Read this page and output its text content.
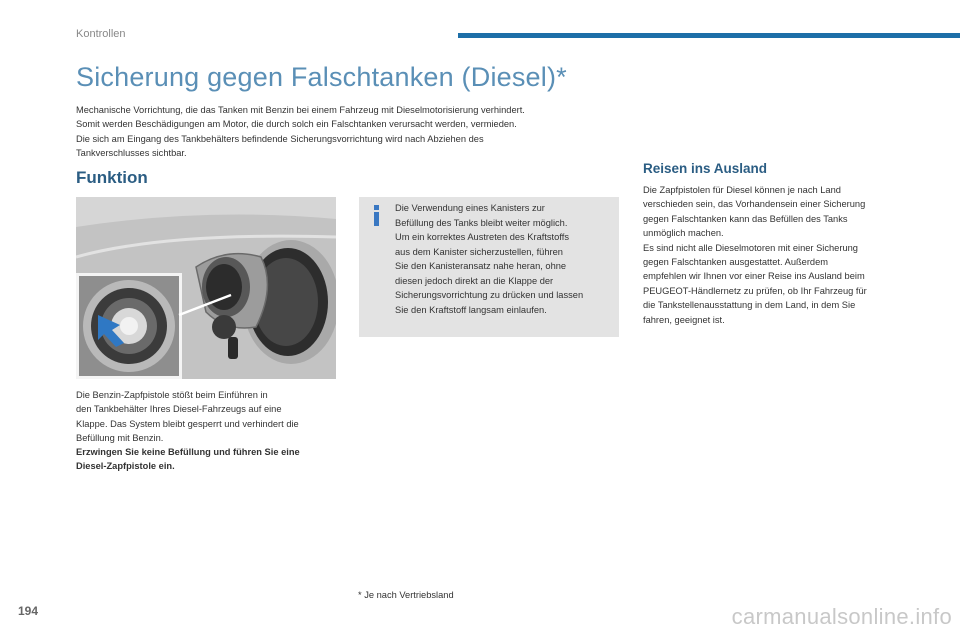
Kontrollen
Sicherung gegen Falschtanken (Diesel)*

Mechanische Vorrichtung, die das Tanken mit Benzin bei einem Fahrzeug mit Dieselmotorisierung verhindert.

Somit werden Beschädigungen am Motor, die durch solch ein Falschtanken verursacht werden, vermieden.

Die sich am Eingang des Tankbehälters befindende Sicherungsvorrichtung wird nach Abziehen des

Tankverschlusses sichtbar.

Funktion
Die Verwendung eines Kanisters zur
Befüllung des Tanks bleibt weiter möglich.
Um ein korrektes Austreten des Kraftstoffs
aus dem Kanister sicherzustellen, führen
Sie den Kanisteransatz nahe heran, ohne
diesen jedoch direkt an die Klappe der
Sicherungsvorrichtung zu drücken und lassen
Sie den Kraftstoff langsam einlaufen.

Die Benzin-Zapfpistole stößt beim Einführen in

den Tankbehälter Ihres Diesel-Fahrzeugs auf eine

Klappe. Das System bleibt gesperrt und verhindert die

Befüllung mit Benzin.

Erzwingen Sie keine Befüllung und führen Sie eine

Diesel-Zapfpistole ein.

Reisen ins Ausland

Die Zapfpistolen für Diesel können je nach Land

verschieden sein, das Vorhandensein einer Sicherung

gegen Falschtanken kann das Befüllen des Tanks

unmöglich machen.

Es sind nicht alle Dieselmotoren mit einer Sicherung

gegen Falschtanken ausgestattet. Außerdem

empfehlen wir Ihnen vor einer Reise ins Ausland beim

PEUGEOT-Händlernetz zu prüfen, ob Ihr Fahrzeug für

die Tankstellenausstattung in dem Land, in dem Sie

fahren, geeignet ist.

* Je nach Vertriebsland
194	carmanualsonline.info
